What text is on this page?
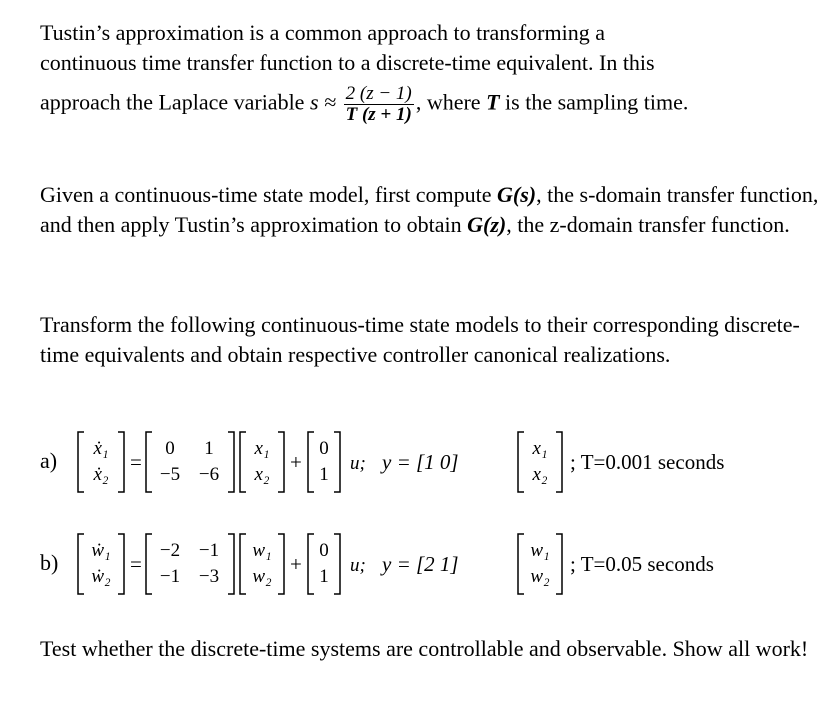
Tustin’s approximation is a common approach to transforming a
continuous time transfer function to a discrete-time equivalent. In this
approach the Laplace variable $s \approx \frac{2 (z - 1)}{T (z + 1)}$ , where T is the sampling time.
Given a continuous-time state model, first compute G(s), the s-domain transfer function, and then apply Tustin’s approximation to obtain G(z), the z-domain transfer function.
Transform the following continuous-time state models to their corresponding discrete-time equivalents and obtain respective controller canonical realizations.
a)	ẋ₁
ẋ₂
=
0	1
−5 −6
x₁
x₂
+
0
1
u; y = [1 0]
x₁
x₂
; T=0.001 seconds
b)	ẇ₁
ẇ₂
=
−2 −1
−1 −3
w₁
w₂
+
0
1
u; y = [2 1]
w₁
w₂
; T=0.05 seconds
Test whether the discrete-time systems are controllable and observable. Show all work!
